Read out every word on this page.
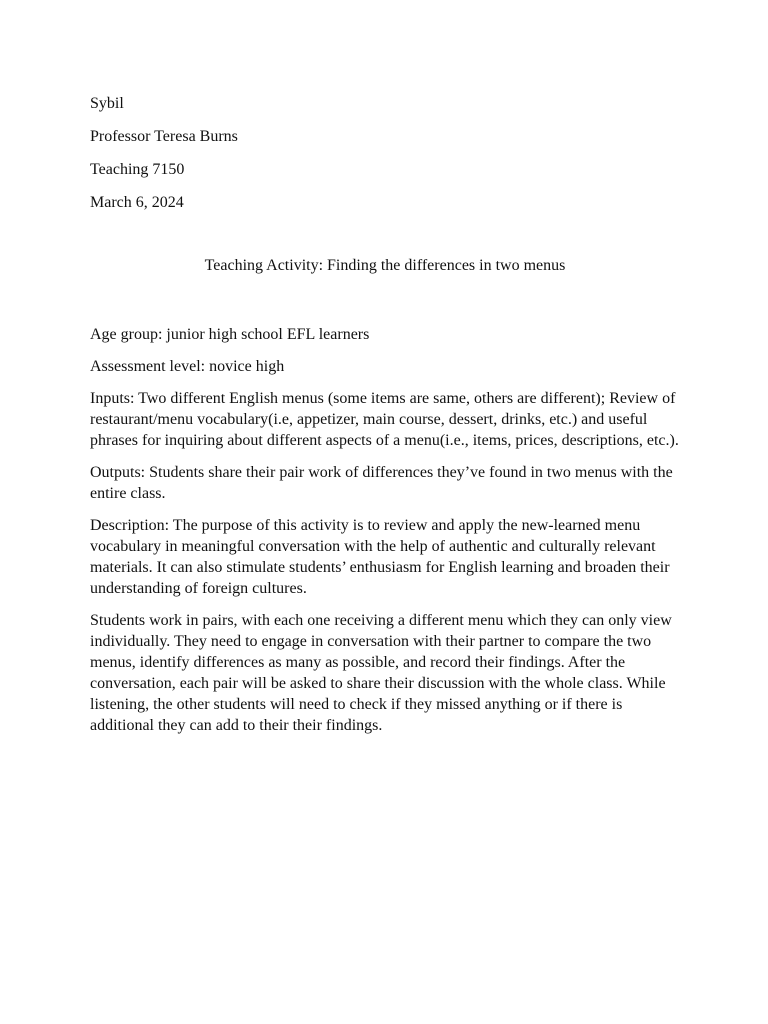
Sybil
Professor Teresa Burns
Teaching 7150
March 6, 2024
Teaching Activity: Finding the differences in two menus

Age group: junior high school EFL learners

Assessment level: novice high

Inputs: Two different English menus (some items are same, others are different); Review of restaurant/menu vocabulary(i.e, appetizer, main course, dessert, drinks, etc.) and useful phrases for inquiring about different aspects of a menu(i.e., items, prices, descriptions, etc.).

Outputs: Students share their pair work of differences they’ve found in two menus with the entire class.

Description: The purpose of this activity is to review and apply the new-learned menu vocabulary in meaningful conversation with the help of authentic and culturally relevant materials. It can also stimulate students’ enthusiasm for English learning and broaden their understanding of foreign cultures.

Students work in pairs, with each one receiving a different menu which they can only view individually. They need to engage in conversation with their partner to compare the two menus, identify differences as many as possible, and record their findings. After the conversation, each pair will be asked to share their discussion with the whole class. While listening, the other students will need to check if they missed anything or if there is additional they can add to their their findings.
